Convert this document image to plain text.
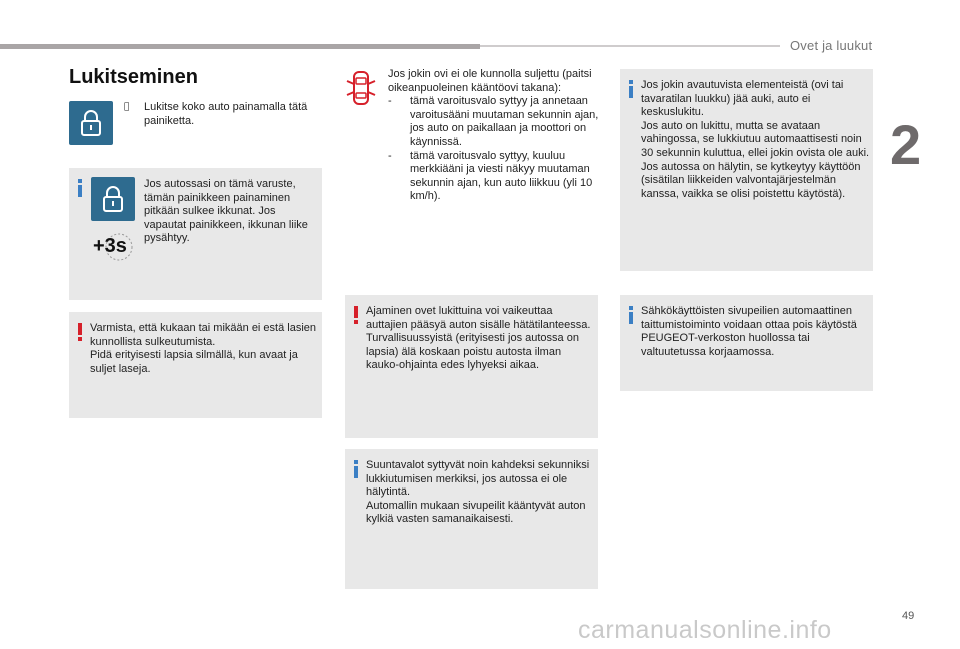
Ovet ja luukut
2
Lukitseminen
Lukitse koko auto painamalla tätä painiketta.
+3s
Jos autossasi on tämä varuste, tämän painikkeen painaminen pitkään sulkee ikkunat. Jos vapautat painikkeen, ikkunan liike pysähtyy.

Varmista, että kukaan tai mikään ei estä lasien kunnollista sulkeutumista.

Pidä erityisesti lapsia silmällä, kun avaat ja suljet laseja.

Jos jokin ovi ei ole kunnolla suljettu (paitsi oikeanpuoleinen kääntöovi takana):

-	tämä varoitusvalo syttyy ja annetaan varoitusääni muutaman sekunnin ajan, jos auto on paikallaan ja moottori on käynnissä.
-	tämä varoitusvalo syttyy, kuuluu merkkiääni ja viesti näkyy muutaman sekunnin ajan, kun auto liikkuu (yli 10 km/h).

Ajaminen ovet lukittuina voi vaikeuttaa auttajien pääsyä auton sisälle hätätilanteessa.

Turvallisuussyistä (erityisesti jos autossa on lapsia) älä koskaan poistu autosta ilman kauko-ohjainta edes lyhyeksi aikaa.

Suuntavalot syttyvät noin kahdeksi sekunniksi lukkiutumisen merkiksi, jos autossa ei ole hälytintä.

Automallin mukaan sivupeilit kääntyvät auton kylkiä vasten samanaikaisesti.

Jos jokin avautuvista elementeistä (ovi tai tavaratilan luukku) jää auki, auto ei keskuslukitu.

Jos auto on lukittu, mutta se avataan vahingossa, se lukkiutuu automaattisesti noin 30 sekunnin kuluttua, ellei jokin ovista ole auki.

Jos autossa on hälytin, se kytkeytyy käyttöön (sisätilan liikkeiden valvontajärjestelmän kanssa, vaikka se olisi poistettu käytöstä).

Sähkökäyttöisten sivupeilien automaattinen taittumistoiminto voidaan ottaa pois käytöstä PEUGEOT-verkoston huollossa tai valtuutetussa korjaamossa.
49
carmanualsonline.info
